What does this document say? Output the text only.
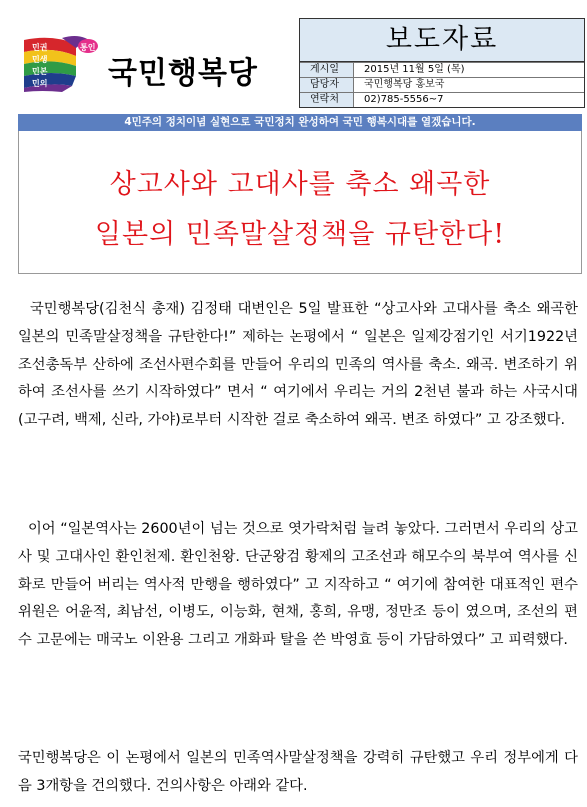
민권
민생
민본
민의
통인
국민행복당
보도자료
게시일	2015년 11월 5일 (목)
담당자	국민행복당 홍보국
연락처	02)785-5556~7
4민주의 정치이념 실현으로 국민정치 완성하여 국민 행복시대를 열겠습니다.
상고사와 고대사를 축소 왜곡한
일본의 민족말살정책을 규탄한다!
국민행복당(김천식 총재) 김정태 대변인은 5일 발표한 “상고사와 고대사를 축소 왜곡한 일본의 민족말살정책을 규탄한다!” 제하는 논평에서 “ 일본은 일제강점기인 서기1922년 조선총독부 산하에 조선사편수회를 만들어 우리의 민족의 역사를 축소. 왜곡. 변조하기 위하여 조선사를 쓰기 시작하였다” 면서 “ 여기에서 우리는 거의 2천년 불과 하는 사국시대(고구려, 백제, 신라, 가야)로부터 시작한 걸로 축소하여 왜곡. 변조 하였다” 고 강조했다.
이어 “일본역사는 2600년이 넘는 것으로 엿가락처럼 늘려 놓았다. 그러면서 우리의 상고사 및 고대사인 환인천제. 환인천왕. 단군왕검 황제의 고조선과 해모수의 북부여 역사를 신화로 만들어 버리는 역사적 만행을 행하였다” 고 지작하고 “ 여기에 참여한 대표적인 편수위원은 어윤적, 최남선, 이병도, 이능화, 현채, 홍희, 유맹, 정만조 등이 였으며, 조선의 편수 고문에는 매국노 이완용 그리고 개화파 탈을 쓴 박영효 등이 가담하였다” 고 피력했다.
국민행복당은 이 논평에서 일본의 민족역사말살정책을 강력히 규탄했고 우리 정부에게 다음 3개항을 건의했다. 건의사항은 아래와 같다.
